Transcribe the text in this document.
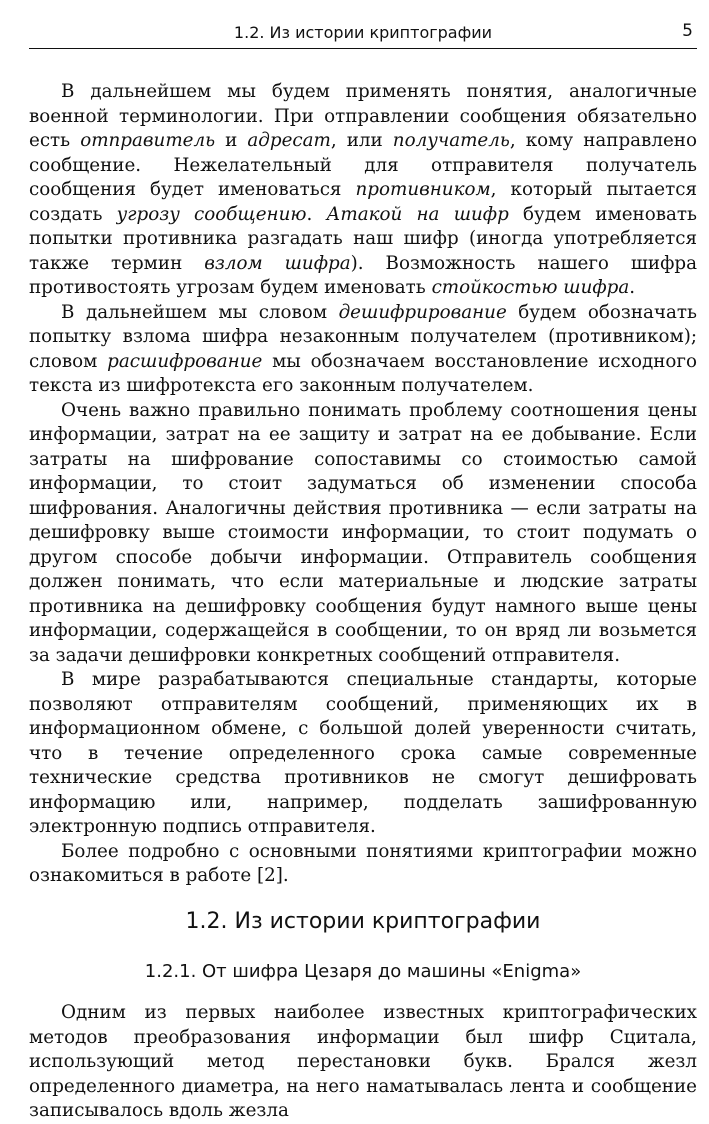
1.2. Из истории криптографии	5

В дальнейшем мы будем применять понятия, аналогичные военной терминологии. При отправлении сообщения обязательно есть отправитель и адресат, или получатель, кому направлено сообщение. Нежелательный для отправителя получатель сообщения будет именоваться противником, который пытается создать угрозу сообщению. Атакой на шифр будем именовать попытки противника разгадать наш шифр (иногда употребляется также термин взлом шифра). Возможность нашего шифра противостоять угрозам будем именовать стойкостью шифра.

В дальнейшем мы словом дешифрирование будем обозначать попытку взлома шифра незаконным получателем (противником); словом расшифрование мы обозначаем восстановление исходного текста из шифротекста его законным получателем.

Очень важно правильно понимать проблему соотношения цены информации, затрат на ее защиту и затрат на ее добывание. Если затраты на шифрование сопоставимы со стоимостью самой информации, то стоит задуматься об изменении способа шифрования. Аналогичны действия противника — если затраты на дешифровку выше стоимости информации, то стоит подумать о другом способе добычи информации. Отправитель сообщения должен понимать, что если материальные и людские затраты противника на дешифровку сообщения будут намного выше цены информации, содержащейся в сообщении, то он вряд ли возьмется за задачи дешифровки конкретных сообщений отправителя.

В мире разрабатываются специальные стандарты, которые позволяют отправителям сообщений, применяющих их в информационном обмене, с большой долей уверенности считать, что в течение определенного срока самые современные технические средства противников не смогут дешифровать информацию или, например, подделать зашифрованную электронную подпись отправителя.

Более подробно с основными понятиями криптографии можно ознакомиться в работе [2].

1.2. Из истории криптографии
1.2.1. От шифра Цезаря до машины «Enigma»

Одним из первых наиболее известных криптографических методов преобразования информации был шифр Сцитала, использующий метод перестановки букв. Брался жезл определенного диаметра, на него наматывалась лента и сообщение записывалось вдоль жезла
